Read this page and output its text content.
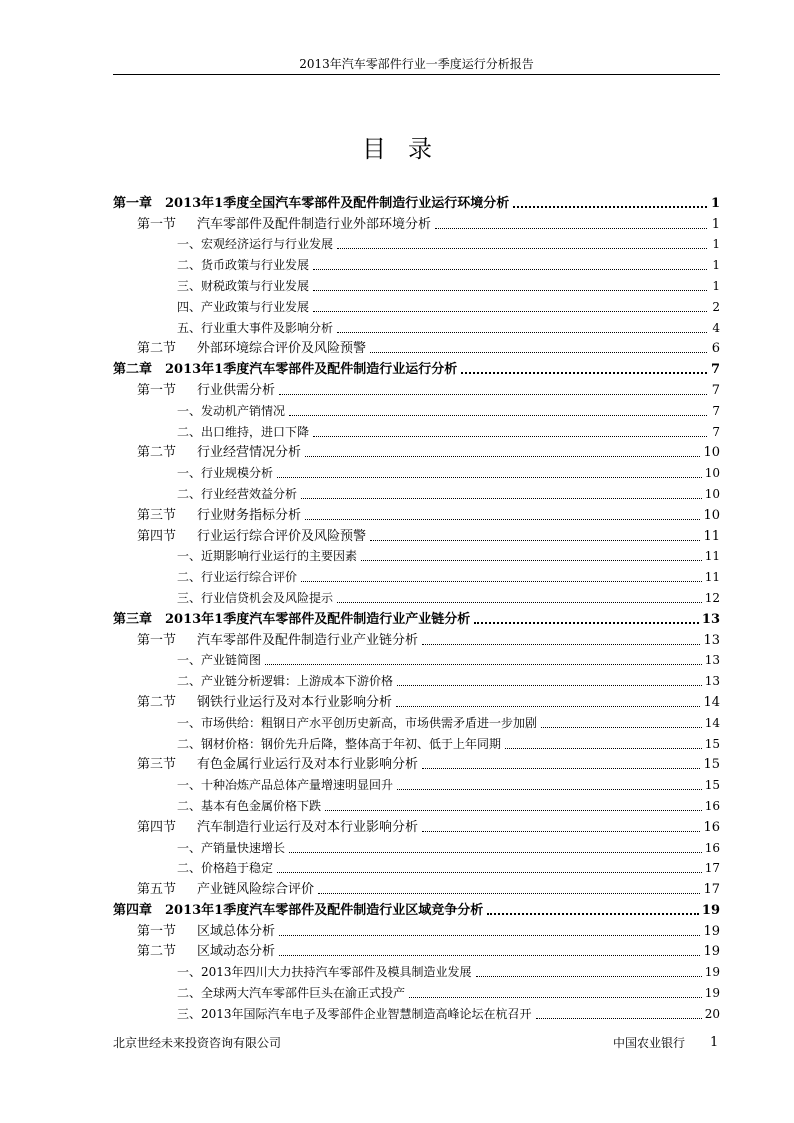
2013年汽车零部件行业一季度运行分析报告
目录
第一章 2013年1季度全国汽车零部件及配件制造行业运行环境分析	1
第一节 汽车零部件及配件制造行业外部环境分析	1
一、宏观经济运行与行业发展	1
二、货币政策与行业发展	1
三、财税政策与行业发展	1
四、产业政策与行业发展	2
五、行业重大事件及影响分析	4
第二节 外部环境综合评价及风险预警	6
第二章 2013年1季度汽车零部件及配件制造行业运行分析	7
第一节 行业供需分析	7
一、发动机产销情况	7
二、出口维持，进口下降	7
第二节 行业经营情况分析	10
一、行业规模分析	10
二、行业经营效益分析	10
第三节 行业财务指标分析	10
第四节 行业运行综合评价及风险预警	11
一、近期影响行业运行的主要因素	11
二、行业运行综合评价	11
三、行业信贷机会及风险提示	12
第三章 2013年1季度汽车零部件及配件制造行业产业链分析	13
第一节 汽车零部件及配件制造行业产业链分析	13
一、产业链简图	13
二、产业链分析逻辑：上游成本下游价格	13
第二节 钢铁行业运行及对本行业影响分析	14
一、市场供给：粗钢日产水平创历史新高，市场供需矛盾进一步加剧	14
二、钢材价格：钢价先升后降，整体高于年初、低于上年同期	15
第三节 有色金属行业运行及对本行业影响分析	15
一、十种冶炼产品总体产量增速明显回升	15
二、基本有色金属价格下跌	16
第四节 汽车制造行业运行及对本行业影响分析	16
一、产销量快速增长	16
二、价格趋于稳定	17
第五节 产业链风险综合评价	17
第四章 2013年1季度汽车零部件及配件制造行业区域竞争分析	19
第一节 区域总体分析	19
第二节 区域动态分析	19
一、2013年四川大力扶持汽车零部件及模具制造业发展	19
二、全球两大汽车零部件巨头在渝正式投产	19
三、2013年国际汽车电子及零部件企业智慧制造高峰论坛在杭召开	20
北京世经未来投资咨询有限公司	中国农业银行 1
